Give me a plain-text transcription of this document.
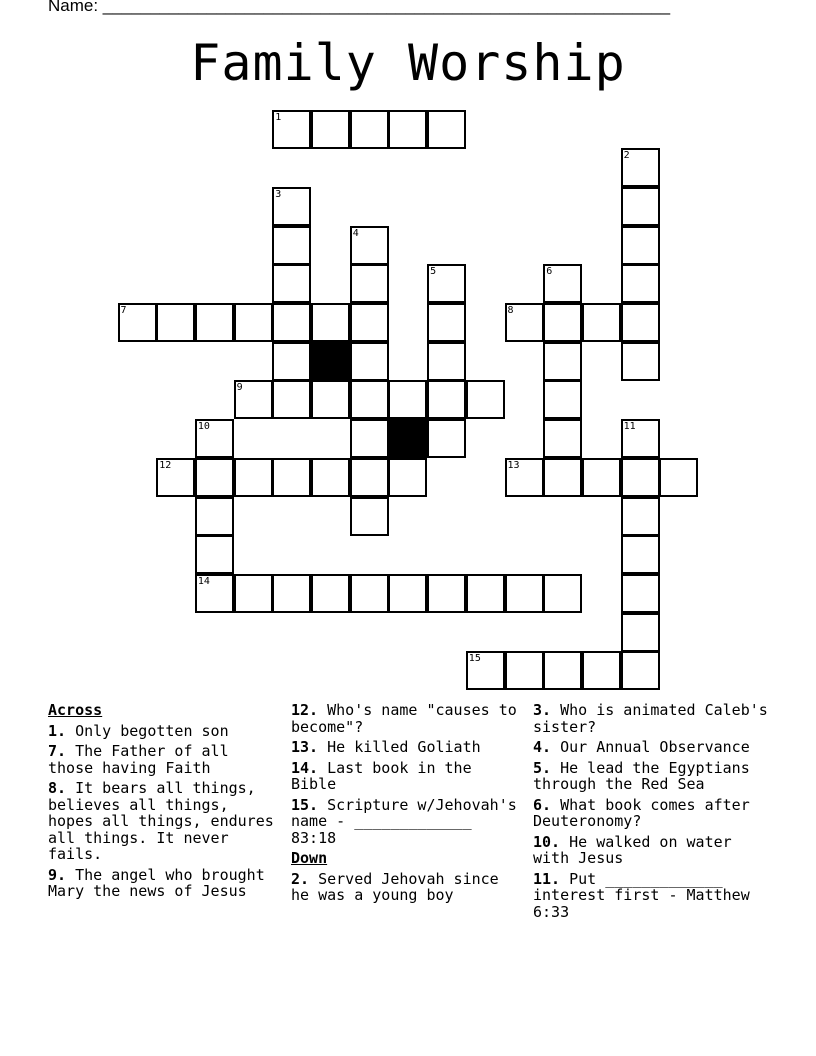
Name: ____________________________________________________________
Family Worship
1
2
3
4
5	6
7	8
9
10	11
12	13
14
15
Across
1. Only begotten son
7. The Father of all those having Faith
8. It bears all things, believes all things, hopes all things, endures all things. It never fails.
9. The angel who brought Mary the news of Jesus
12. Who's name "causes to become"?
13. He killed Goliath
14. Last book in the Bible
15. Scripture w/Jehovah's name - _____________ 83:18
Down
2. Served Jehovah since he was a young boy
3. Who is animated Caleb's sister?
4. Our Annual Observance
5. He lead the Egyptians through the Red Sea
6. What book comes after Deuteronomy?
10. He walked on water with Jesus
11. Put _____________ interest first - Matthew 6:33
